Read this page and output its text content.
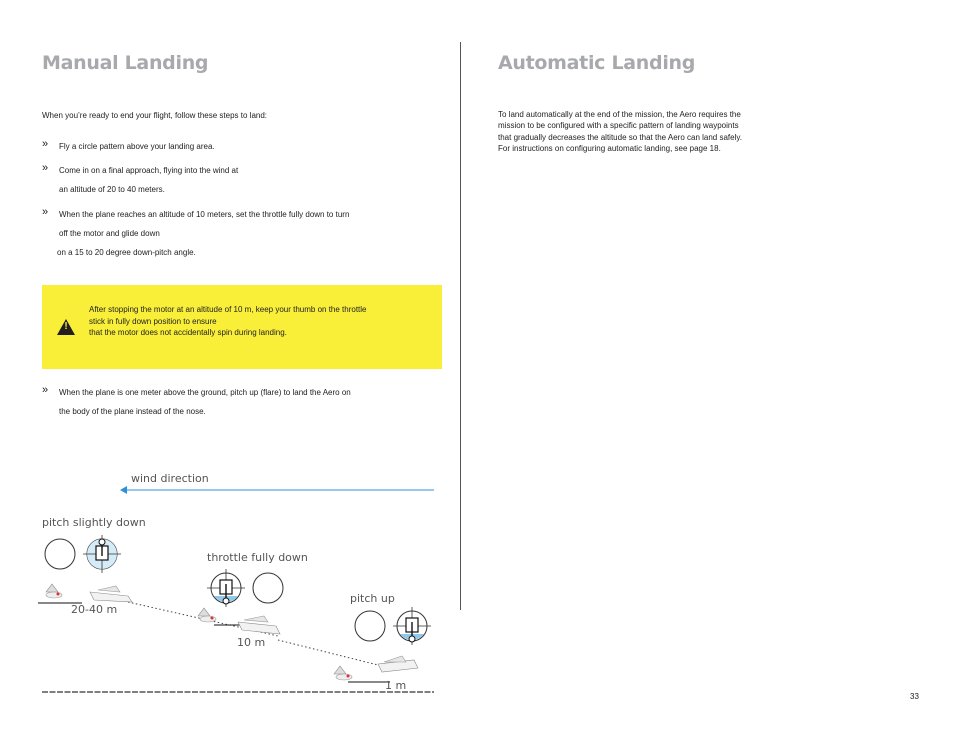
Manual Landing
When you’re ready to end your flight, follow these steps to land:
» Fly a circle pattern above your landing area.
» Come in on a final approach, flying into the wind at
an altitude of 20 to 40 meters.
» When the plane reaches an altitude of 10 meters, set the throttle fully down to turn
off the motor and glide down
on a 15 to 20 degree down-pitch angle.
!
After stopping the motor at an altitude of 10 m, keep your thumb on the throttle
stick in fully down position to ensure
that the motor does not accidentally spin during landing.
» When the plane is one meter above the ground, pitch up (flare) to land the Aero on
the body of the plane instead of the nose.
wind direction
pitch slightly down
throttle fully down
pitch up
20-40 m
10 m
1 m
Automatic Landing
To land automatically at the end of the mission, the Aero requires the
mission to be configured with a specific pattern of landing waypoints
that gradually decreases the altitude so that the Aero can land safely.
For instructions on configuring automatic landing, see page 18.
33
